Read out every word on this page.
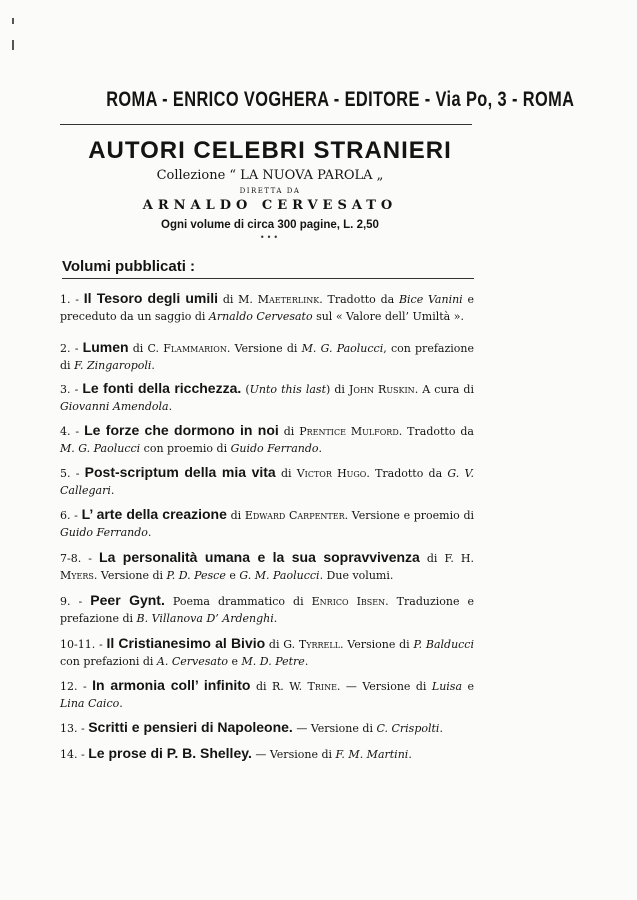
ROMA - ENRICO VOGHERA - EDITORE - Via Po, 3 - ROMA
AUTORI CELEBRI STRANIERI
Collezione “ LA NUOVA PAROLA „
DIRETTA DA
ARNALDO CERVESATO
Ogni volume di circa 300 pagine, L. 2,50
•••
Volumi pubblicati :
1. - Il Tesoro degli umili di M. Maeterlink. Tradotto da Bice Vanini e preceduto da un saggio di Arnaldo Cervesato sul « Valore dell’ Umiltà ».
2. - Lumen di C. Flammarion. Versione di M. G. Paolucci, con prefazione di F. Zingaropoli.
3. - Le fonti della ricchezza. (Unto this last) di John Ruskin. A cura di Giovanni Amendola.
4. - Le forze che dormono in noi di Prentice Mulford. Tradotto da M. G. Paolucci con proemio di Guido Ferrando.
5. - Post-scriptum della mia vita di Victor Hugo. Tradotto da G. V. Callegari.
6. - L’ arte della creazione di Edward Carpenter. Versione e proemio di Guido Ferrando.
7-8. - La personalità umana e la sua sopravvivenza di F. H. Myers. Versione di P. D. Pesce e G. M. Paolucci. Due volumi.
9. - Peer Gynt. Poema drammatico di Enrico Ibsen. Traduzione e prefazione di B. Villanova D’ Ardenghi.
10-11. - Il Cristianesimo al Bivio di G. Tyrrell. Versione di P. Balducci con prefazioni di A. Cervesato e M. D. Petre.
12. - In armonia coll’ infinito di R. W. Trine. — Versione di Luisa e Lina Caico.
13. - Scritti e pensieri di Napoleone. — Versione di C. Crispolti.
14. - Le prose di P. B. Shelley. — Versione di F. M. Martini.
